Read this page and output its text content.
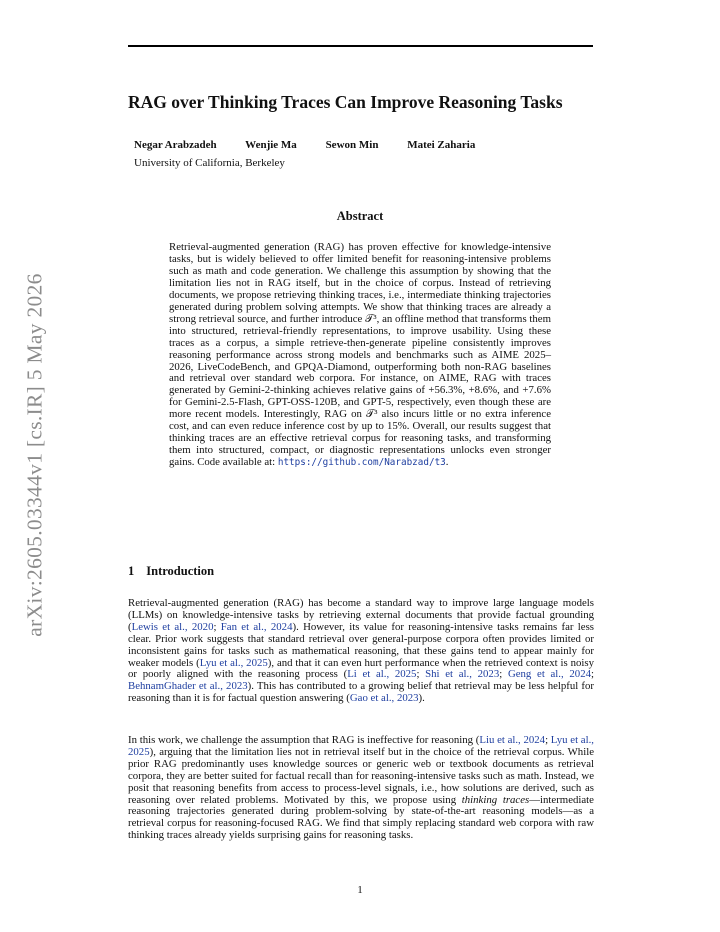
arXiv:2605.03344v1 [cs.IR] 5 May 2026
RAG over Thinking Traces Can Improve Reasoning Tasks
Negar Arabzadeh	Wenjie Ma	Sewon Min	Matei Zaharia
University of California, Berkeley
Abstract

Retrieval-augmented generation (RAG) has proven effective for knowledge-intensive tasks, but is widely believed to offer limited benefit for reasoning-intensive problems such as math and code generation. We challenge this assumption by showing that the limitation lies not in RAG itself, but in the choice of corpus. Instead of retrieving documents, we propose retrieving thinking traces, i.e., intermediate thinking trajectories generated during problem solving attempts. We show that thinking traces are already a strong retrieval source, and further introduce 𝒯³, an offline method that transforms them into structured, retrieval-friendly representations, to improve usability. Using these traces as a corpus, a simple retrieve-then-generate pipeline consistently improves reasoning performance across strong models and benchmarks such as AIME 2025–2026, LiveCodeBench, and GPQA-Diamond, outperforming both non-RAG baselines and retrieval over standard web corpora. For instance, on AIME, RAG with traces generated by Gemini-2-thinking achieves relative gains of +56.3%, +8.6%, and +7.6% for Gemini-2.5-Flash, GPT-OSS-120B, and GPT-5, respectively, even though these are more recent models. Interestingly, RAG on 𝒯³ also incurs little or no extra inference cost, and can even reduce inference cost by up to 15%. Overall, our results suggest that thinking traces are an effective retrieval corpus for reasoning tasks, and transforming them into structured, compact, or diagnostic representations unlocks even stronger gains. Code available at: https://github.com/Narabzad/t3.

1 Introduction

Retrieval-augmented generation (RAG) has become a standard way to improve large language models (LLMs) on knowledge-intensive tasks by retrieving external documents that provide factual grounding (Lewis et al., 2020; Fan et al., 2024). However, its value for reasoning-intensive tasks remains far less clear. Prior work suggests that standard retrieval over general-purpose corpora often provides limited or inconsistent gains for tasks such as mathematical reasoning, that these gains tend to appear mainly for weaker models (Lyu et al., 2025), and that it can even hurt performance when the retrieved context is noisy or poorly aligned with the reasoning process (Li et al., 2025; Shi et al., 2023; Geng et al., 2024; BehnamGhader et al., 2023). This has contributed to a growing belief that retrieval may be less helpful for reasoning than it is for factual question answering (Gao et al., 2023).

In this work, we challenge the assumption that RAG is ineffective for reasoning (Liu et al., 2024; Lyu et al., 2025), arguing that the limitation lies not in retrieval itself but in the choice of the retrieval corpus. While prior RAG predominantly uses knowledge sources or generic web or textbook documents as retrieval corpora, they are better suited for factual recall than for reasoning-intensive tasks such as math. Instead, we posit that reasoning benefits from access to process-level signals, i.e., how solutions are derived, such as reasoning over related problems. Motivated by this, we propose using thinking traces—intermediate reasoning trajectories generated during problem-solving by state-of-the-art reasoning models—as a retrieval corpus for reasoning-focused RAG. We find that simply replacing standard web corpora with raw thinking traces already yields surprising gains for reasoning tasks.

1
